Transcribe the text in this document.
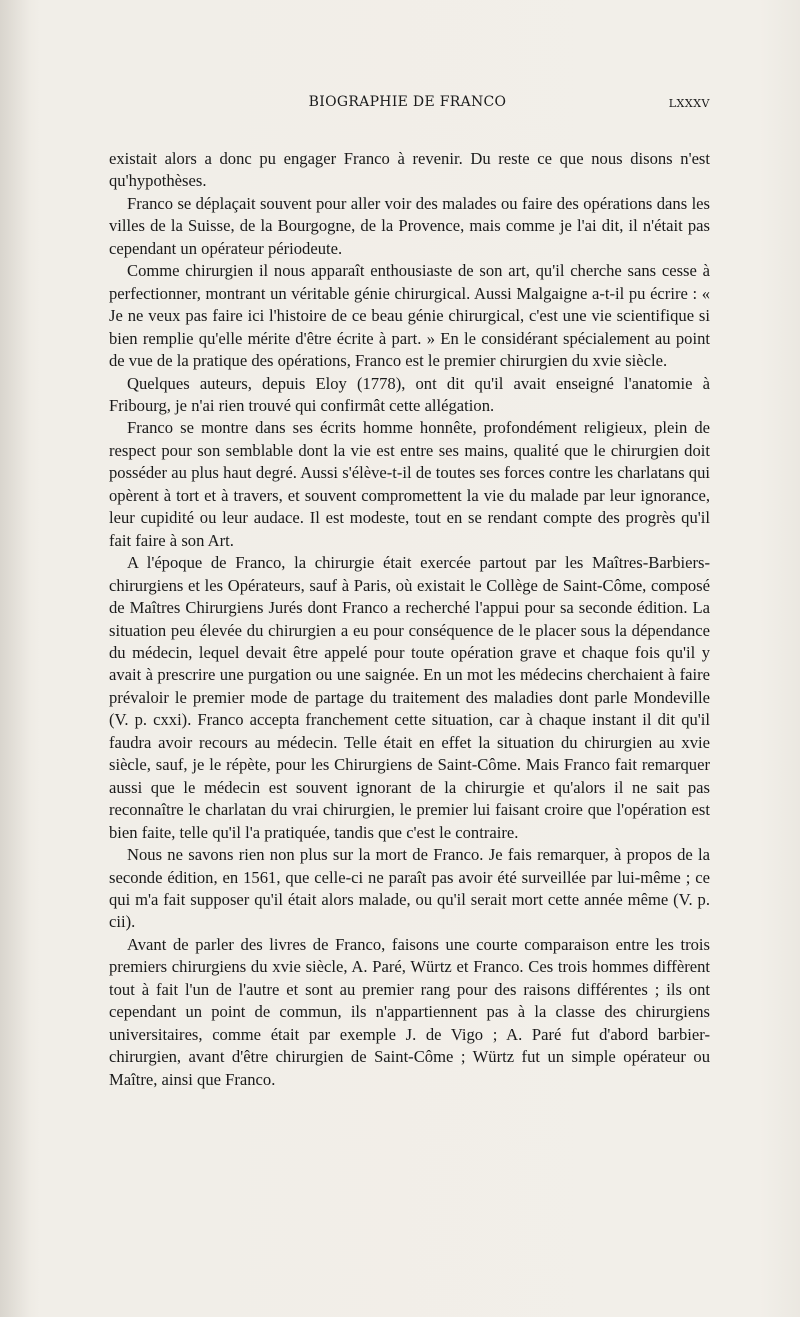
BIOGRAPHIE DE FRANCO	LXXXV

existait alors a donc pu engager Franco à revenir. Du reste ce que nous disons n'est qu'hypothèses.

Franco se déplaçait souvent pour aller voir des malades ou faire des opérations dans les villes de la Suisse, de la Bourgogne, de la Provence, mais comme je l'ai dit, il n'était pas cependant un opérateur périodeute.

Comme chirurgien il nous apparaît enthousiaste de son art, qu'il cherche sans cesse à perfectionner, montrant un véritable génie chirurgical. Aussi Malgaigne a-t-il pu écrire : « Je ne veux pas faire ici l'histoire de ce beau génie chirurgical, c'est une vie scientifique si bien remplie qu'elle mérite d'être écrite à part. » En le considérant spécialement au point de vue de la pratique des opérations, Franco est le premier chirurgien du xvie siècle.

Quelques auteurs, depuis Eloy (1778), ont dit qu'il avait enseigné l'anatomie à Fribourg, je n'ai rien trouvé qui confirmât cette allégation.

Franco se montre dans ses écrits homme honnête, profondément religieux, plein de respect pour son semblable dont la vie est entre ses mains, qualité que le chirurgien doit posséder au plus haut degré. Aussi s'élève-t-il de toutes ses forces contre les charlatans qui opèrent à tort et à travers, et souvent compromettent la vie du malade par leur ignorance, leur cupidité ou leur audace. Il est modeste, tout en se rendant compte des progrès qu'il fait faire à son Art.

A l'époque de Franco, la chirurgie était exercée partout par les Maîtres-Barbiers-chirurgiens et les Opérateurs, sauf à Paris, où existait le Collège de Saint-Côme, composé de Maîtres Chirurgiens Jurés dont Franco a recherché l'appui pour sa seconde édition. La situation peu élevée du chirurgien a eu pour conséquence de le placer sous la dépendance du médecin, lequel devait être appelé pour toute opération grave et chaque fois qu'il y avait à prescrire une purgation ou une saignée. En un mot les médecins cherchaient à faire prévaloir le premier mode de partage du traitement des maladies dont parle Mondeville (V. p. cxxi). Franco accepta franchement cette situation, car à chaque instant il dit qu'il faudra avoir recours au médecin. Telle était en effet la situation du chirurgien au xvie siècle, sauf, je le répète, pour les Chirurgiens de Saint-Côme. Mais Franco fait remarquer aussi que le médecin est souvent ignorant de la chirurgie et qu'alors il ne sait pas reconnaître le charlatan du vrai chirurgien, le premier lui faisant croire que l'opération est bien faite, telle qu'il l'a pratiquée, tandis que c'est le contraire.

Nous ne savons rien non plus sur la mort de Franco. Je fais remarquer, à propos de la seconde édition, en 1561, que celle-ci ne paraît pas avoir été surveillée par lui-même ; ce qui m'a fait supposer qu'il était alors malade, ou qu'il serait mort cette année même (V. p. cii).

Avant de parler des livres de Franco, faisons une courte comparaison entre les trois premiers chirurgiens du xvie siècle, A. Paré, Würtz et Franco. Ces trois hommes diffèrent tout à fait l'un de l'autre et sont au premier rang pour des raisons différentes ; ils ont cependant un point de commun, ils n'appartiennent pas à la classe des chirurgiens universitaires, comme était par exemple J. de Vigo ; A. Paré fut d'abord barbier-chirurgien, avant d'être chirurgien de Saint-Côme ; Würtz fut un simple opérateur ou Maître, ainsi que Franco.
